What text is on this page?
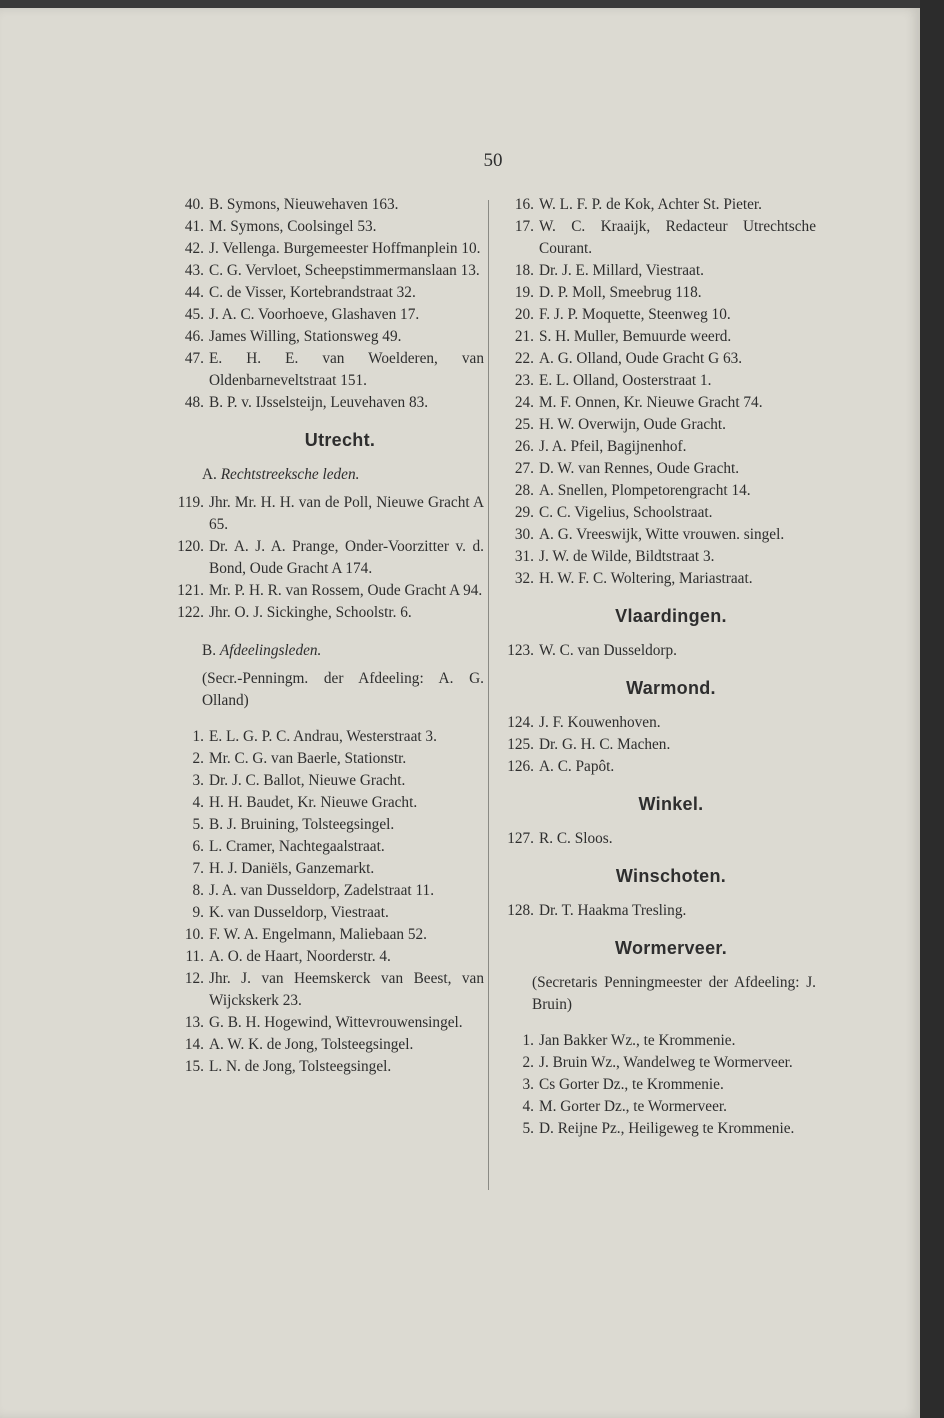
50
40. B. Symons, Nieuwehaven 163.
41. M. Symons, Coolsingel 53.
42. J. Vellenga. Burgemeester Hoffmanplein 10.
43. C. G. Vervloet, Scheepstimmermanslaan 13.
44. C. de Visser, Kortebrandstraat 32.
45. J. A. C. Voorhoeve, Glashaven 17.
46. James Willing, Stationsweg 49.
47. E. H. E. van Woelderen, van Oldenbarneveltstraat 151.
48. B. P. v. IJsselsteijn, Leuvehaven 83.
Utrecht.
A. Rechtstreeksche leden.
119. Jhr. Mr. H. H. van de Poll, Nieuwe Gracht A 65.
120. Dr. A. J. A. Prange, Onder-Voorzitter v. d. Bond, Oude Gracht A 174.
121. Mr. P. H. R. van Rossem, Oude Gracht A 94.
122. Jhr. O. J. Sickinghe, Schoolstr. 6.
B. Afdeelingsleden.
(Secr.-Penningm. der Afdeeling: A. G. Olland)
1. E. L. G. P. C. Andrau, Westerstraat 3.
2. Mr. C. G. van Baerle, Stationstr.
3. Dr. J. C. Ballot, Nieuwe Gracht.
4. H. H. Baudet, Kr. Nieuwe Gracht.
5. B. J. Bruining, Tolsteegsingel.
6. L. Cramer, Nachtegaalstraat.
7. H. J. Daniëls, Ganzemarkt.
8. J. A. van Dusseldorp, Zadelstraat 11.
9. K. van Dusseldorp, Viestraat.
10. F. W. A. Engelmann, Maliebaan 52.
11. A. O. de Haart, Noorderstr. 4.
12. Jhr. J. van Heemskerck van Beest, van Wijckskerk 23.
13. G. B. H. Hogewind, Wittevrouwensingel.
14. A. W. K. de Jong, Tolsteegsingel.
15. L. N. de Jong, Tolsteegsingel.
16. W. L. F. P. de Kok, Achter St. Pieter.
17. W. C. Kraaijk, Redacteur Utrechtsche Courant.
18. Dr. J. E. Millard, Viestraat.
19. D. P. Moll, Smeebrug 118.
20. F. J. P. Moquette, Steenweg 10.
21. S. H. Muller, Bemuurde weerd.
22. A. G. Olland, Oude Gracht G 63.
23. E. L. Olland, Oosterstraat 1.
24. M. F. Onnen, Kr. Nieuwe Gracht 74.
25. H. W. Overwijn, Oude Gracht.
26. J. A. Pfeil, Bagijnenhof.
27. D. W. van Rennes, Oude Gracht.
28. A. Snellen, Plompetorengracht 14.
29. C. C. Vigelius, Schoolstraat.
30. A. G. Vreeswijk, Witte vrouwen. singel.
31. J. W. de Wilde, Bildtstraat 3.
32. H. W. F. C. Woltering, Mariastraat.
Vlaardingen.
123. W. C. van Dusseldorp.
Warmond.
124. J. F. Kouwenhoven.
125. Dr. G. H. C. Machen.
126. A. C. Papôt.
Winkel.
127. R. C. Sloos.
Winschoten.
128. Dr. T. Haakma Tresling.
Wormerveer.
(Secretaris Penningmeester der Afdeeling: J. Bruin)
1. Jan Bakker Wz., te Krommenie.
2. J. Bruin Wz., Wandelweg te Wormerveer.
3. Cs Gorter Dz., te Krommenie.
4. M. Gorter Dz., te Wormerveer.
5. D. Reijne Pz., Heiligeweg te Krommenie.
